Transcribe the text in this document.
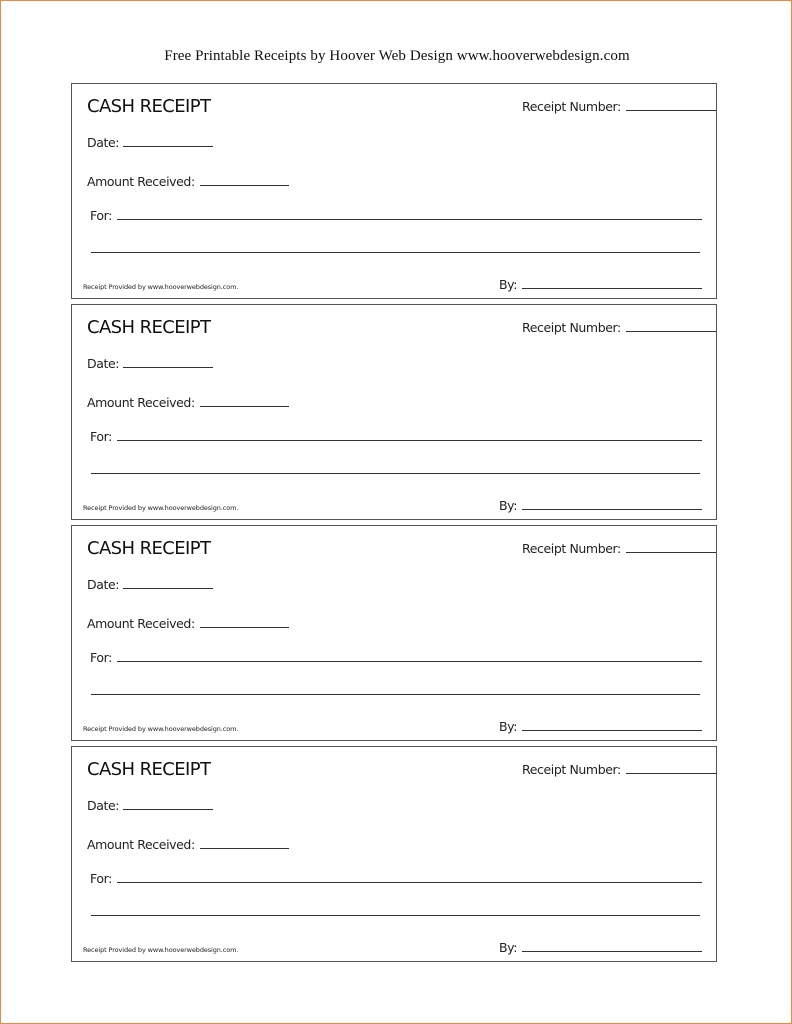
Free Printable Receipts by Hoover Web Design www.hooverwebdesign.com
CASH RECEIPT	Receipt Number:
Date:
Amount Received:
For:
Receipt Provided by www.hooverwebdesign.com.	By:
CASH RECEIPT	Receipt Number:
Date:
Amount Received:
For:
Receipt Provided by www.hooverwebdesign.com.	By:
CASH RECEIPT	Receipt Number:
Date:
Amount Received:
For:
Receipt Provided by www.hooverwebdesign.com.	By:
CASH RECEIPT	Receipt Number:
Date:
Amount Received:
For:
Receipt Provided by www.hooverwebdesign.com.	By:
